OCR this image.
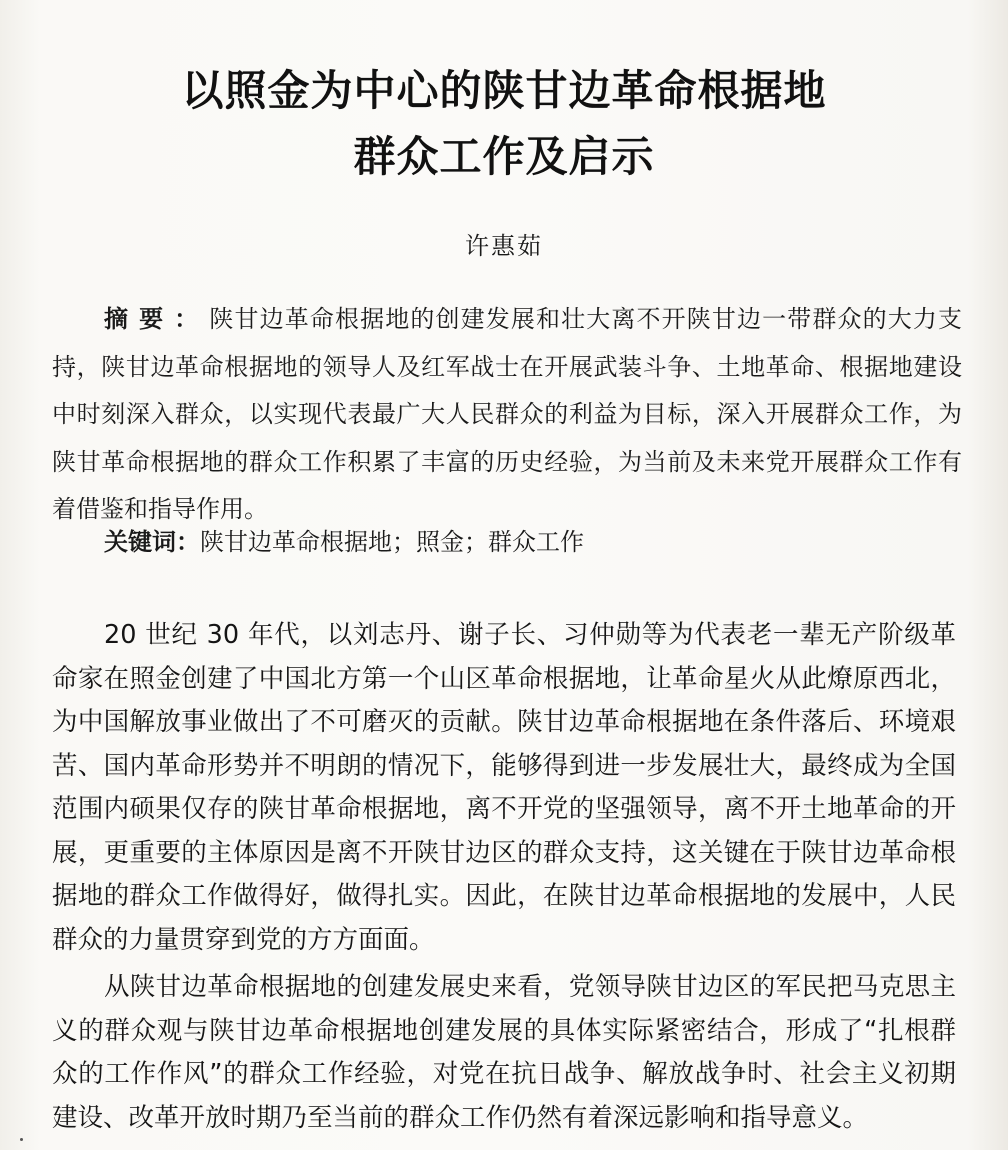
以照金为中心的陕甘边革命根据地
群众工作及启示
许惠茹

摘要：陕甘边革命根据地的创建发展和壮大离不开陕甘边一带群众的大力支持，陕甘边革命根据地的领导人及红军战士在开展武装斗争、土地革命、根据地建设中时刻深入群众，以实现代表最广大人民群众的利益为目标，深入开展群众工作，为陕甘革命根据地的群众工作积累了丰富的历史经验，为当前及未来党开展群众工作有着借鉴和指导作用。

关键词：陕甘边革命根据地；照金；群众工作

20 世纪 30 年代，以刘志丹、谢子长、习仲勋等为代表老一辈无产阶级革命家在照金创建了中国北方第一个山区革命根据地，让革命星火从此燎原西北，为中国解放事业做出了不可磨灭的贡献。陕甘边革命根据地在条件落后、环境艰苦、国内革命形势并不明朗的情况下，能够得到进一步发展壮大，最终成为全国范围内硕果仅存的陕甘革命根据地，离不开党的坚强领导，离不开土地革命的开展，更重要的主体原因是离不开陕甘边区的群众支持，这关键在于陕甘边革命根据地的群众工作做得好，做得扎实。因此，在陕甘边革命根据地的发展中，人民群众的力量贯穿到党的方方面面。

从陕甘边革命根据地的创建发展史来看，党领导陕甘边区的军民把马克思主义的群众观与陕甘边革命根据地创建发展的具体实际紧密结合，形成了“扎根群众的工作作风”的群众工作经验，对党在抗日战争、解放战争时、社会主义初期建设、改革开放时期乃至当前的群众工作仍然有着深远影响和指导意义。
